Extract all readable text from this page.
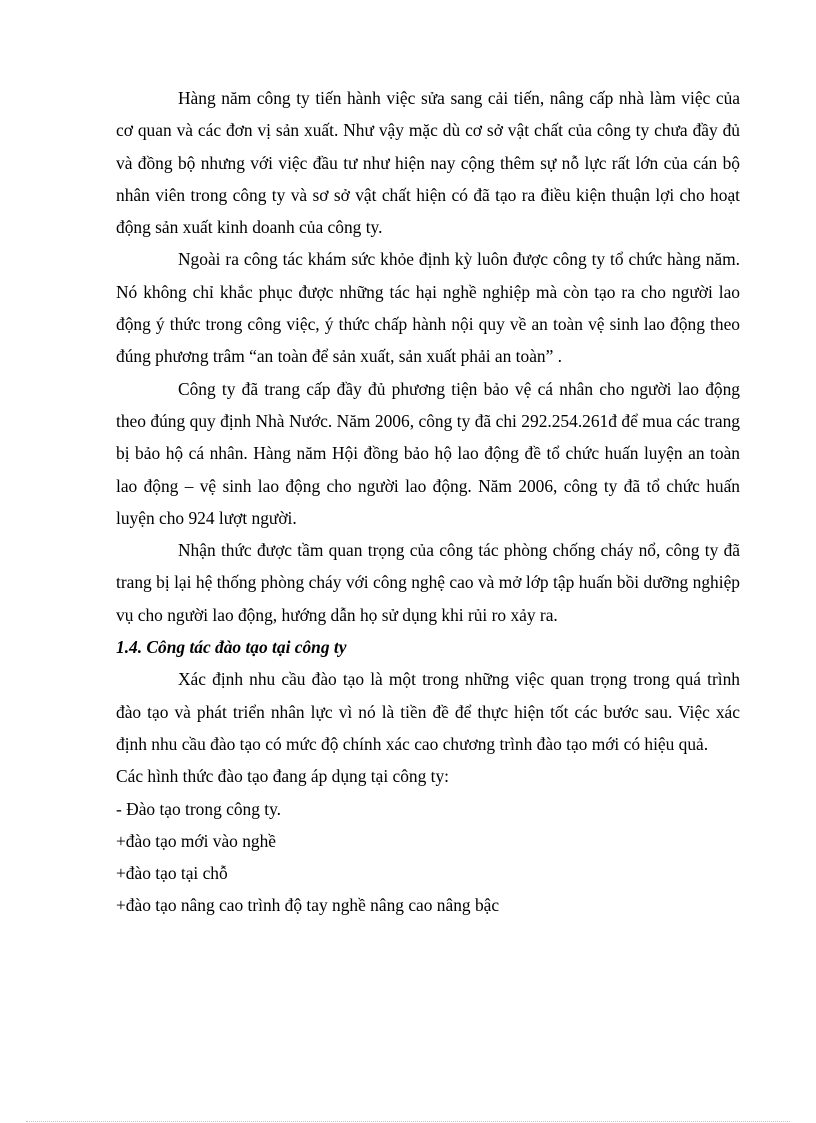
Hàng năm công ty tiến hành việc sửa sang cải tiến, nâng cấp nhà làm việc của cơ quan và các đơn vị sản xuất. Như vậy mặc dù cơ sở vật chất của công ty chưa đầy đủ và đồng bộ nhưng với việc đầu tư như hiện nay cộng thêm sự nỗ lực rất lớn của cán bộ nhân viên trong công ty và sơ sở vật chất hiện có đã tạo ra điều kiện thuận lợi cho hoạt động sản xuất kinh doanh của công ty.

Ngoài ra công tác khám sức khỏe định kỳ luôn được công ty tổ chức hàng năm. Nó không chỉ khắc phục được những tác hại nghề nghiệp mà còn tạo ra cho người lao động ý thức trong công việc, ý thức chấp hành nội quy về an toàn vệ sinh lao động theo đúng phương trâm “an toàn để sản xuất, sản xuất phải an toàn” .

Công ty đã trang cấp đầy đủ phương tiện bảo vệ cá nhân cho người lao động theo đúng quy định Nhà Nước. Năm 2006, công ty đã chi 292.254.261đ để mua các trang bị bảo hộ cá nhân. Hàng năm Hội đồng bảo hộ lao động đề tổ chức huấn luyện an toàn lao động – vệ sinh lao động cho người lao động. Năm 2006, công ty đã tổ chức huấn luyện cho 924 lượt người.

Nhận thức được tầm quan trọng của công tác phòng chống cháy nổ, công ty đã trang bị lại hệ thống phòng cháy với công nghệ cao và mở lớp tập huấn bồi dưỡng nghiệp vụ cho người lao động, hướng dẫn họ sử dụng khi rủi ro xảy ra.

1.4. Công tác đào tạo tại công ty

Xác định nhu cầu đào tạo là một trong những việc quan trọng trong quá trình đào tạo và phát triển nhân lực vì nó là tiền đề để thực hiện tốt các bước sau. Việc xác định nhu cầu đào tạo có mức độ chính xác cao chương trình đào tạo mới có hiệu quả.

Các hình thức đào tạo đang áp dụng tại công ty:

- Đào tạo trong công ty.

+đào tạo mới vào nghề

+đào tạo tại chỗ

+đào tạo nâng cao trình độ tay nghề nâng cao nâng bậc
